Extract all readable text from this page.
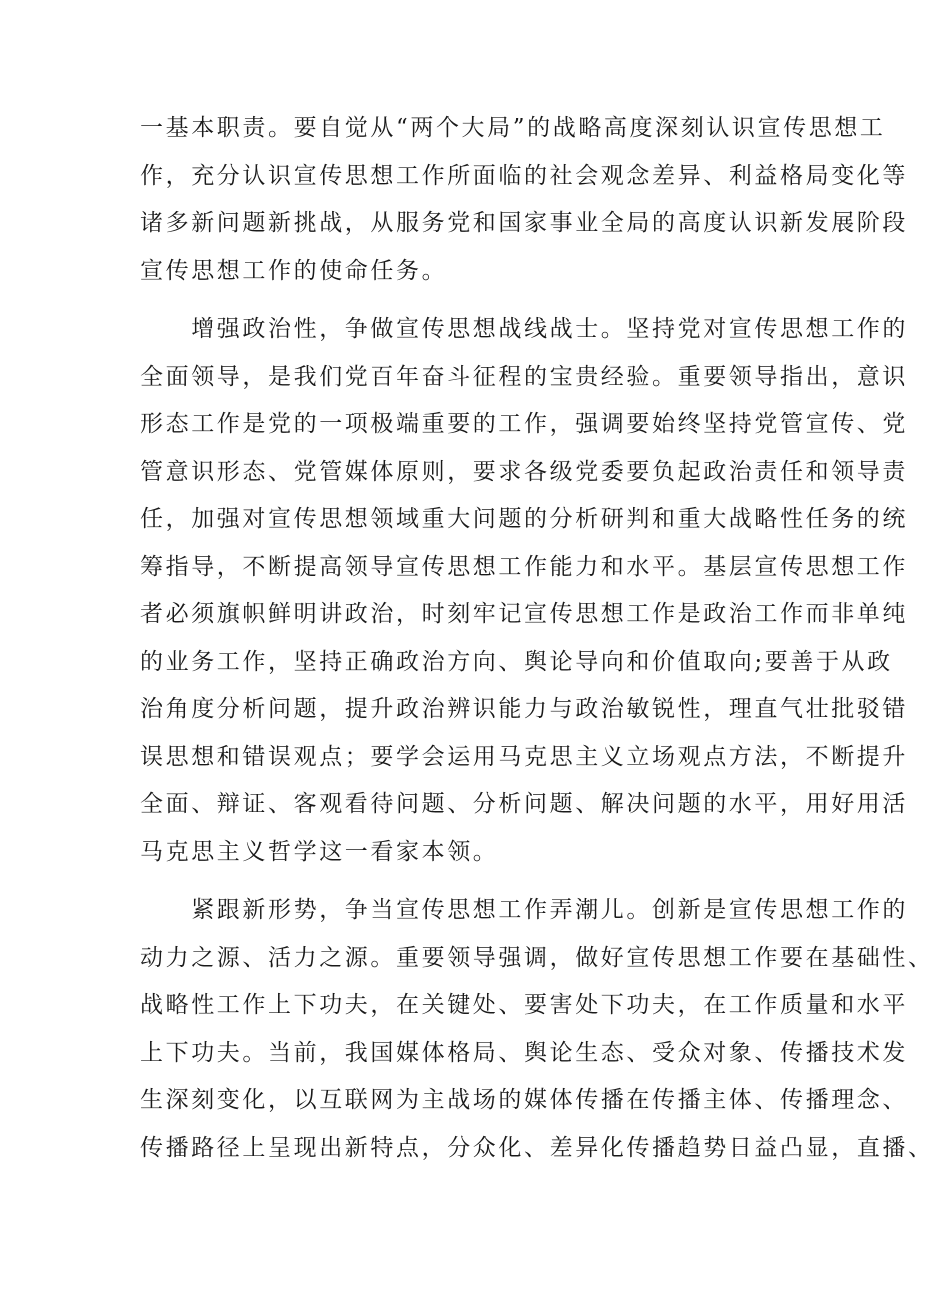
一基本职责。要自觉从“两个大局”的战略高度深刻认识宣传思想工
作，充分认识宣传思想工作所面临的社会观念差异、利益格局变化等
诸多新问题新挑战，从服务党和国家事业全局的高度认识新发展阶段
宣传思想工作的使命任务。
　　增强政治性，争做宣传思想战线战士。坚持党对宣传思想工作的
全面领导，是我们党百年奋斗征程的宝贵经验。重要领导指出，意识
形态工作是党的一项极端重要的工作，强调要始终坚持党管宣传、党
管意识形态、党管媒体原则，要求各级党委要负起政治责任和领导责
任，加强对宣传思想领域重大问题的分析研判和重大战略性任务的统
筹指导，不断提高领导宣传思想工作能力和水平。基层宣传思想工作
者必须旗帜鲜明讲政治，时刻牢记宣传思想工作是政治工作而非单纯
的业务工作，坚持正确政治方向、舆论导向和价值取向;要善于从政
治角度分析问题，提升政治辨识能力与政治敏锐性，理直气壮批驳错
误思想和错误观点；要学会运用马克思主义立场观点方法，不断提升
全面、辩证、客观看待问题、分析问题、解决问题的水平，用好用活
马克思主义哲学这一看家本领。
　　紧跟新形势，争当宣传思想工作弄潮儿。创新是宣传思想工作的
动力之源、活力之源。重要领导强调，做好宣传思想工作要在基础性、
战略性工作上下功夫，在关键处、要害处下功夫，在工作质量和水平
上下功夫。当前，我国媒体格局、舆论生态、受众对象、传播技术发
生深刻变化，以互联网为主战场的媒体传播在传播主体、传播理念、
传播路径上呈现出新特点，分众化、差异化传播趋势日益凸显，直播、
